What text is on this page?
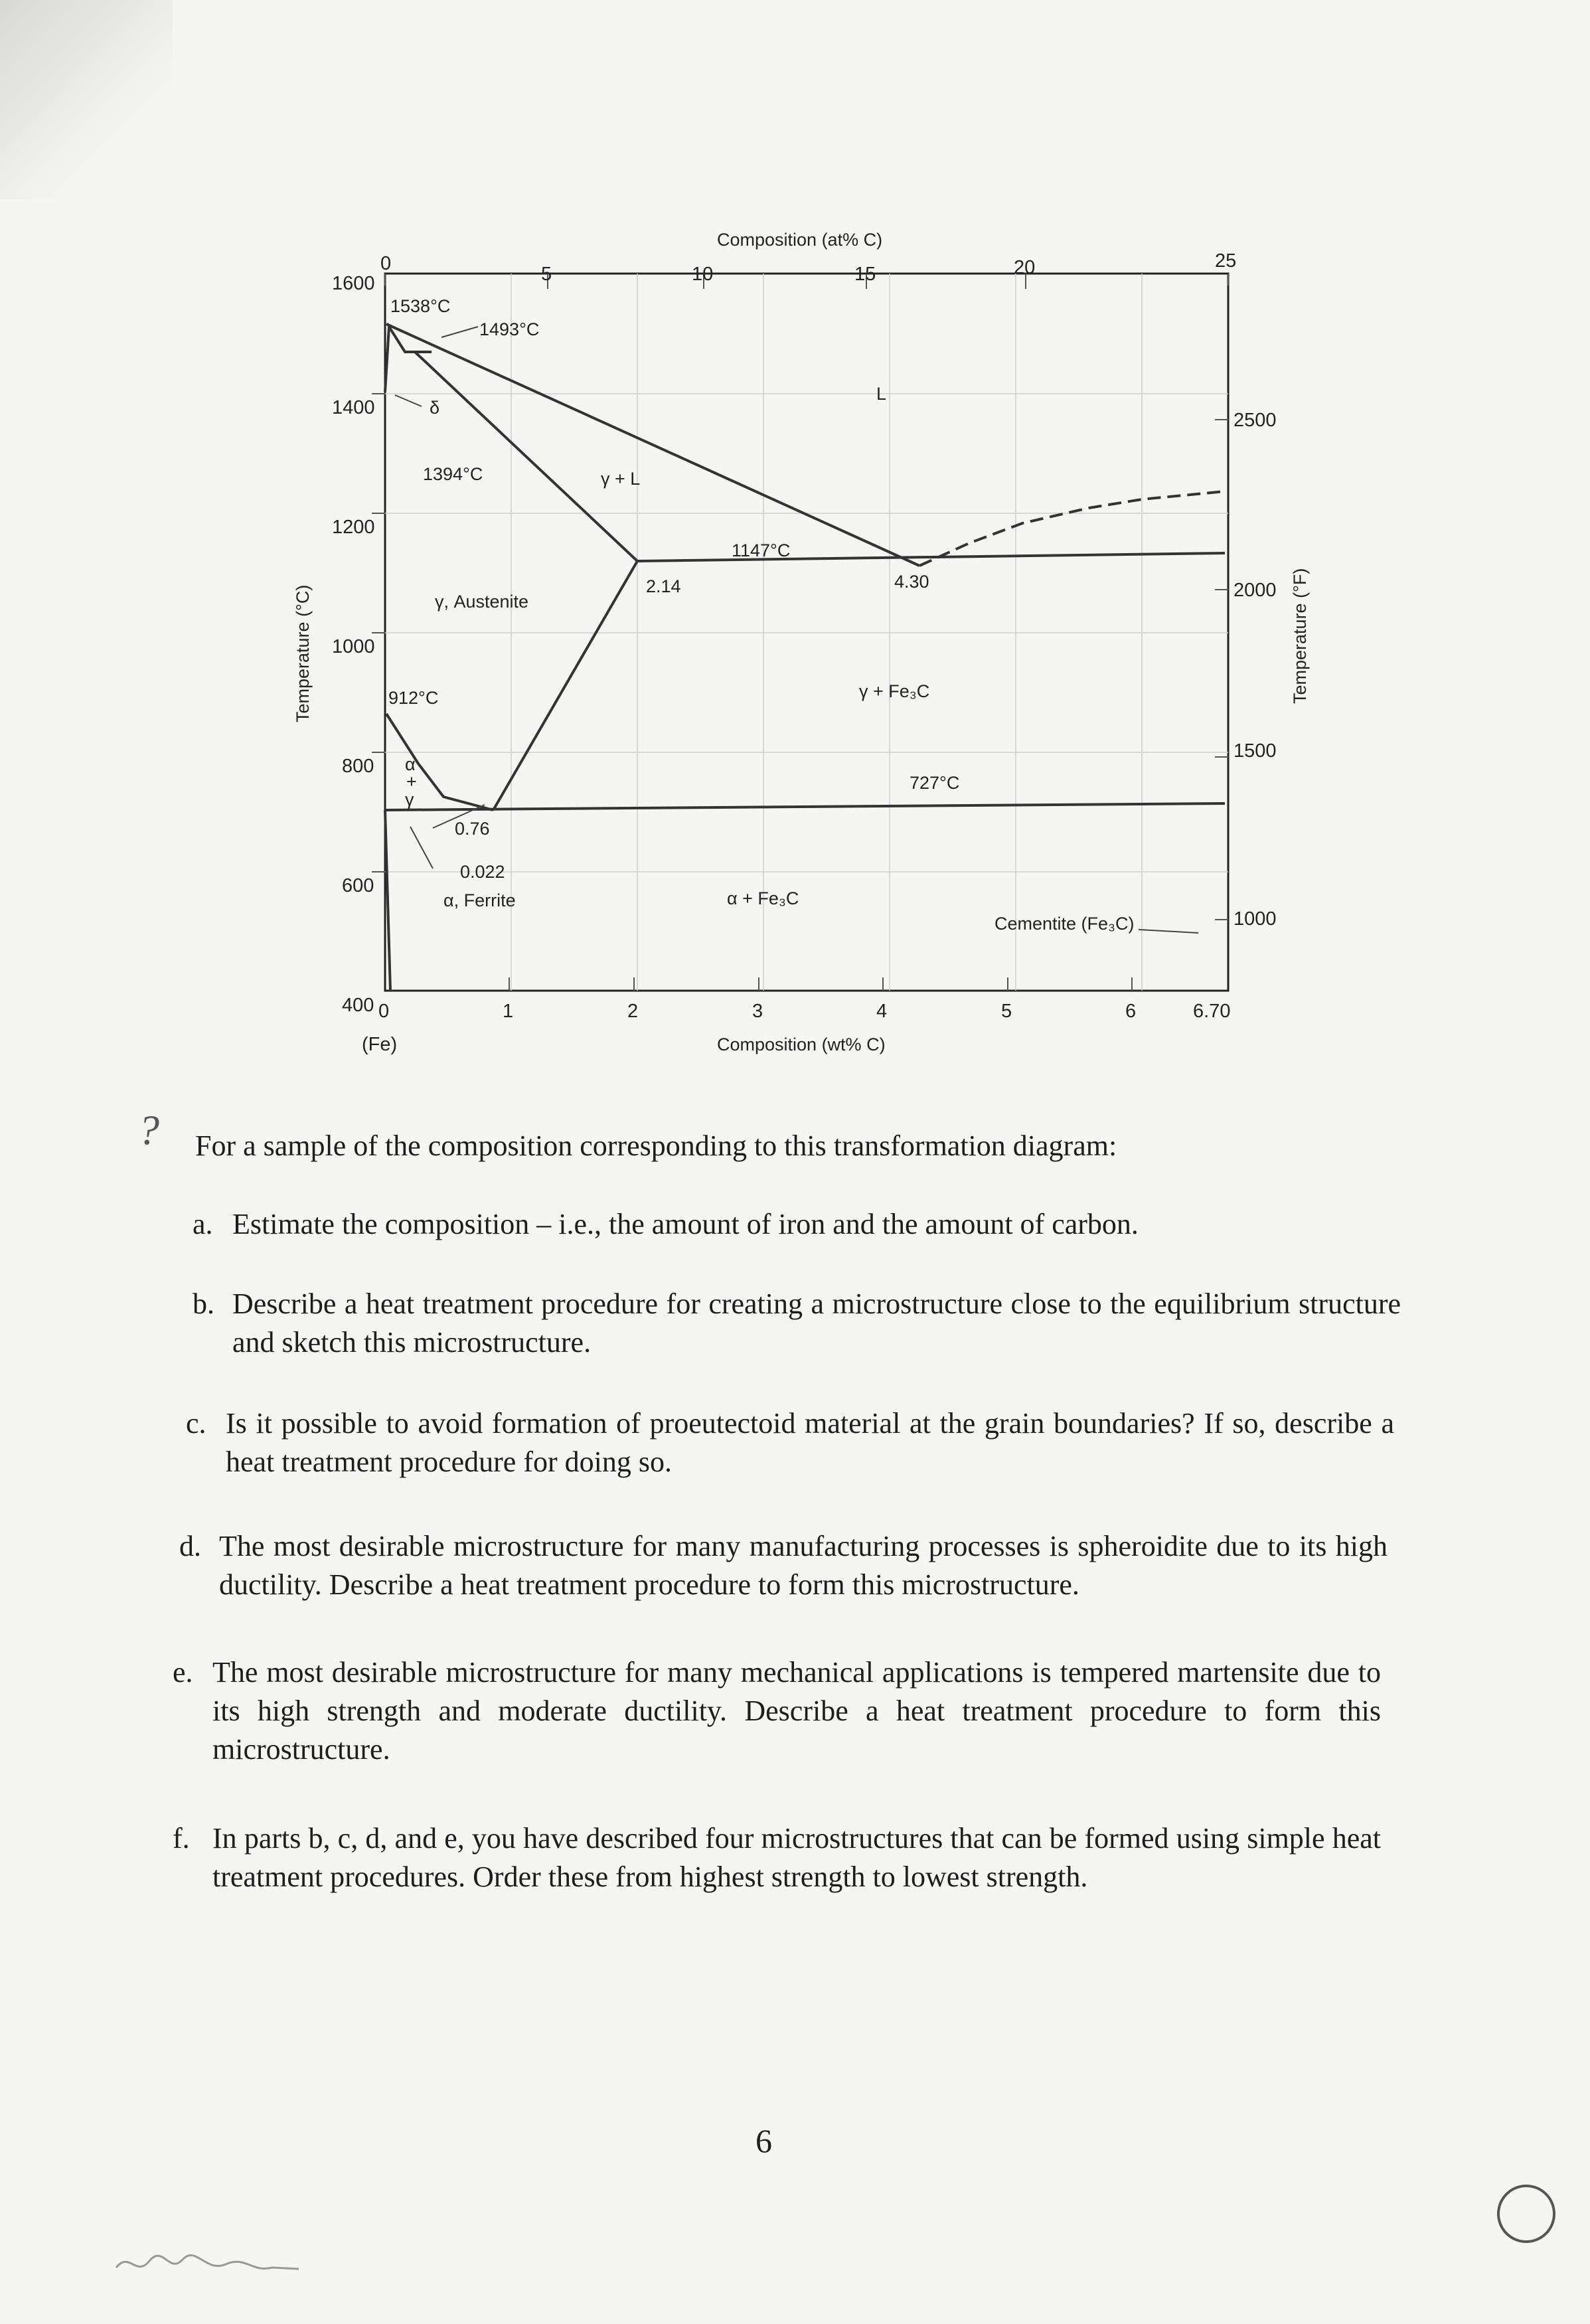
Composition (at% C)
Composition (wt% C)
Temperature (°C)	Temperature (°F)
0	5	10	15	20	25
1600
1400
1200
1000
800
600
400
2500
2000
1500
1000
0	1	2	3	4	5	6	6.70
(Fe)
1538°C
1493°C
δ
1394°C	γ + L
L
1147°C
2.14	4.30
γ, Austenite
912°C	γ + Fe₃C
α
+
γ
727°C
0.76
0.022
α, Ferrite	α + Fe₃C
Cementite (Fe₃C)
? For a sample of the composition corresponding to this transformation diagram:
a. Estimate the composition – i.e., the amount of iron and the amount of carbon.
b. Describe a heat treatment procedure for creating a microstructure close to the equilibrium structure and sketch this microstructure.
c. Is it possible to avoid formation of proeutectoid material at the grain boundaries? If so, describe a heat treatment procedure for doing so.
d. The most desirable microstructure for many manufacturing processes is spheroidite due to its high ductility. Describe a heat treatment procedure to form this microstructure.
e. The most desirable microstructure for many mechanical applications is tempered martensite due to its high strength and moderate ductility. Describe a heat treatment procedure to form this microstructure.
f. In parts b, c, d, and e, you have described four microstructures that can be formed using simple heat treatment procedures. Order these from highest strength to lowest strength.
6
